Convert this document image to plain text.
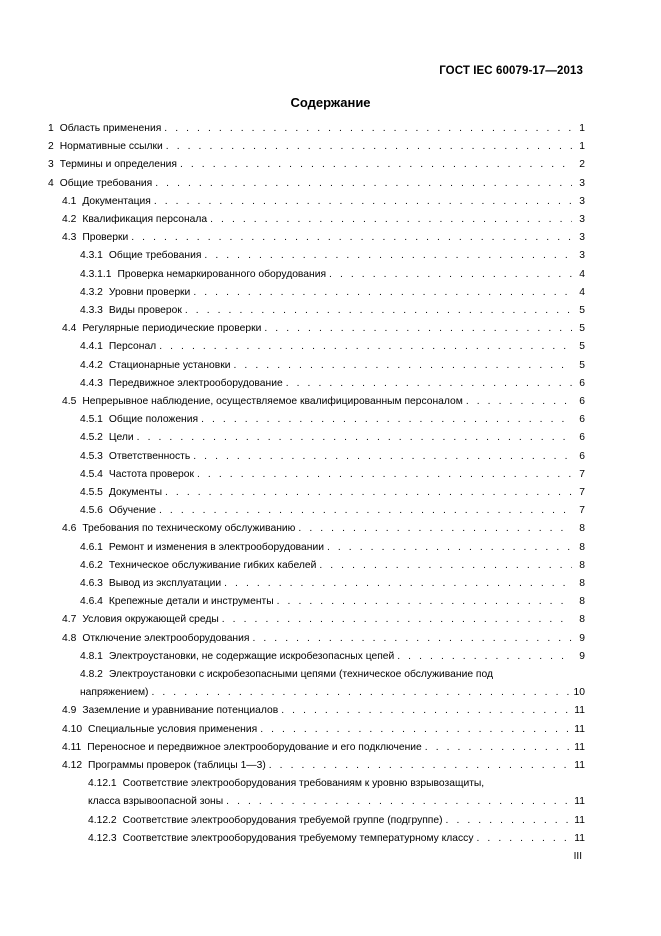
ГОСТ IEC 60079-17—2013
Содержание
1 Область применения . . .	1
2 Нормативные ссылки . . .	1
3 Термины и определения . . .	2
4 Общие требования . . .	3
4.1 Документация . . .	3
4.2 Квалификация персонала . . .	3
4.3 Проверки . . .	3
4.3.1 Общие требования . . .	3
4.3.1.1 Проверка немаркированного оборудования . . .	4
4.3.2 Уровни проверки . . .	4
4.3.3 Виды проверок . . .	5
4.4 Регулярные периодические проверки . . .	5
4.4.1 Персонал . . .	5
4.4.2 Стационарные установки . . .	5
4.4.3 Передвижное электрооборудование . . .	6
4.5 Непрерывное наблюдение, осуществляемое квалифицированным персоналом . . .	6
4.5.1 Общие положения . . .	6
4.5.2 Цели . . .	6
4.5.3 Ответственность . . .	6
4.5.4 Частота проверок . . .	7
4.5.5 Документы . . .	7
4.5.6 Обучение . . .	7
4.6 Требования по техническому обслуживанию . . .	8
4.6.1 Ремонт и изменения в электрооборудовании . . .	8
4.6.2 Техническое обслуживание гибких кабелей . . .	8
4.6.3 Вывод из эксплуатации . . .	8
4.6.4 Крепежные детали и инструменты . . .	8
4.7 Условия окружающей среды . . .	8
4.8 Отключение электрооборудования . . .	9
4.8.1 Электроустановки, не содержащие искробезопасных цепей . . .	9
4.8.2 Электроустановки с искробезопасными цепями (техническое обслуживание под
напряжением) . . .	10
4.9 Заземление и уравнивание потенциалов . . .	11
4.10 Специальные условия применения . . .	11
4.11 Переносное и передвижное электрооборудование и его подключение . . .	11
4.12 Программы проверок (таблицы 1—3) . . .	11
4.12.1 Соответствие электрооборудования требованиям к уровню взрывозащиты,
класса взрывоопасной зоны . . .	11
4.12.2 Соответствие электрооборудования требуемой группе (подгруппе) . . .	11
4.12.3 Соответствие электрооборудования требуемому температурному классу . . .	11
III
